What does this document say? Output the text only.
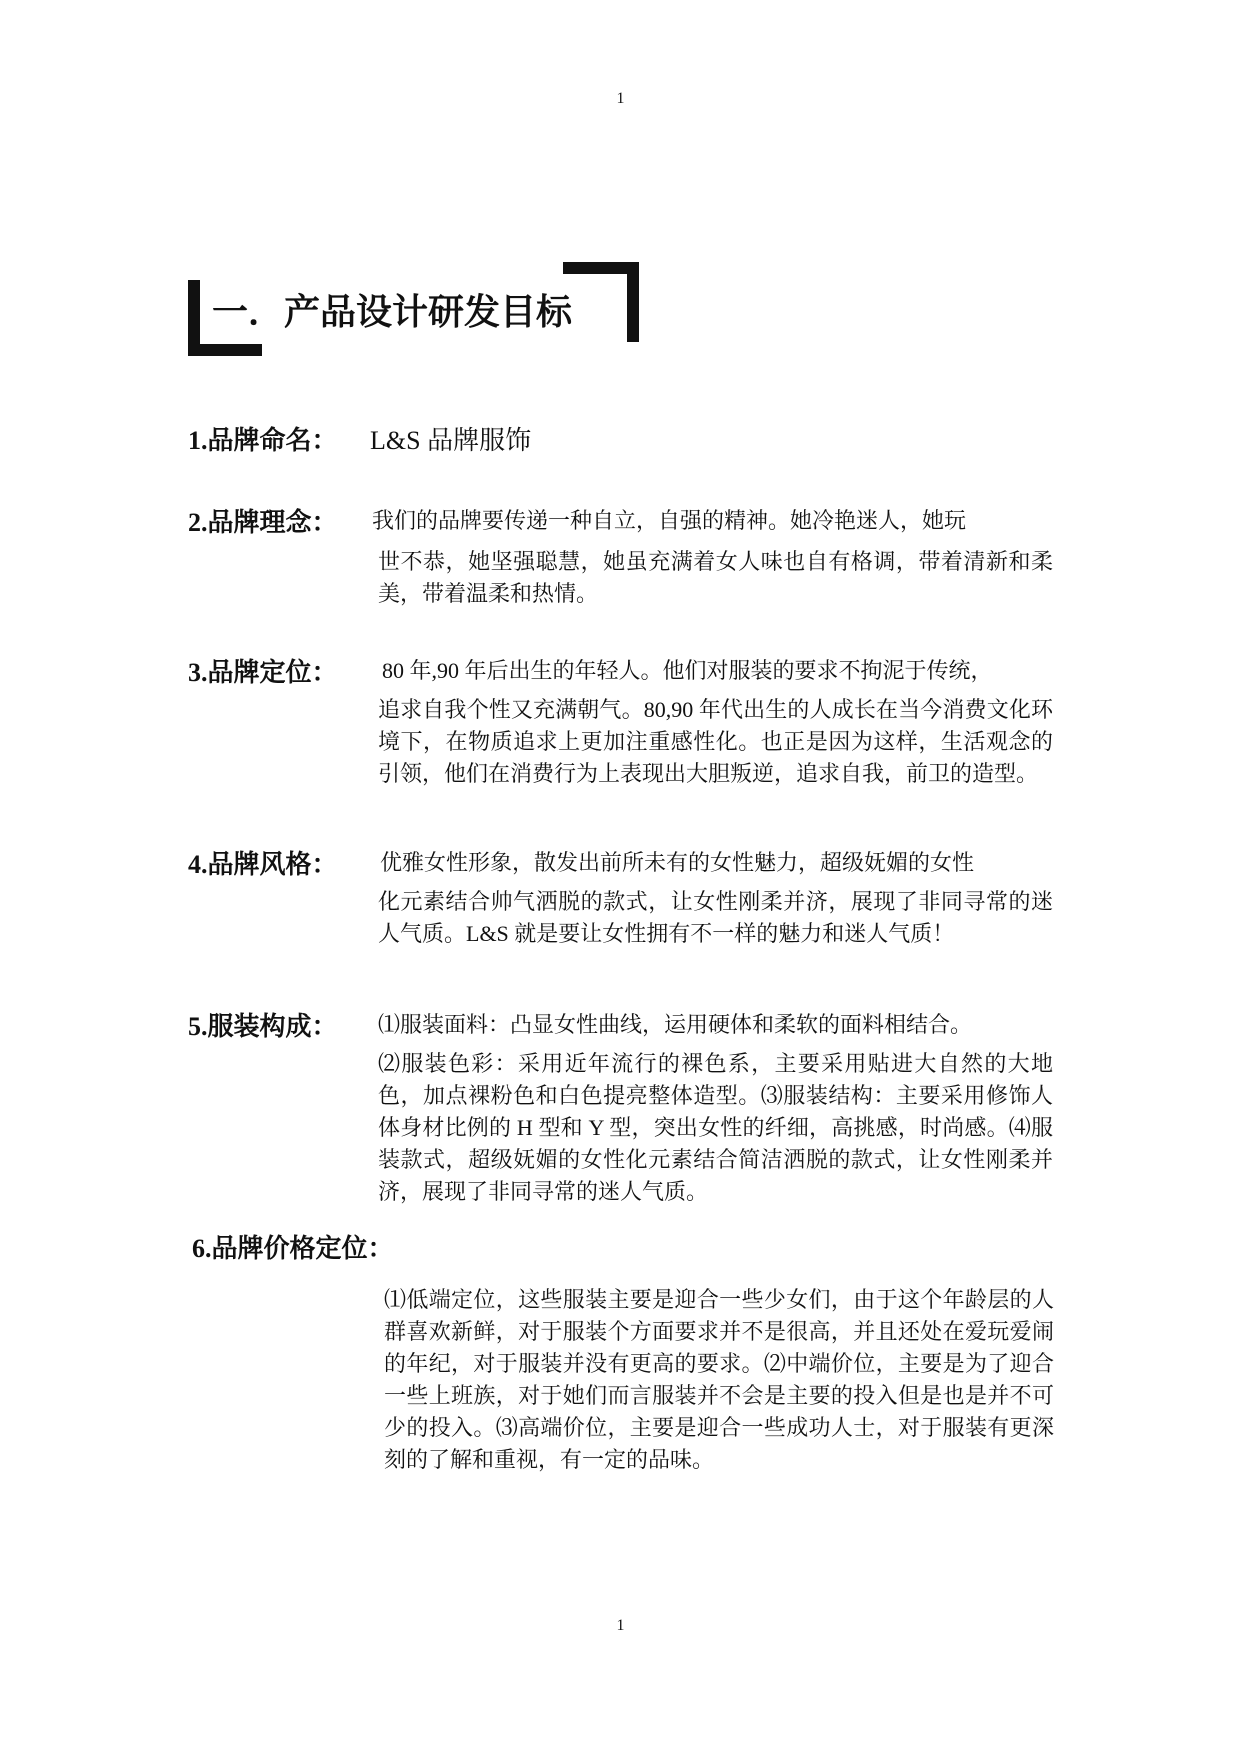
1
一．产品设计研发目标
1.品牌命名： L&S 品牌服饰
2.品牌理念： 我们的品牌要传递一种自立，自强的精神。她冷艳迷人，她玩
世不恭，她坚强聪慧，她虽充满着女人味也自有格调，带着清新和柔美，带着温柔和热情。
3.品牌定位： 80 年,90 年后出生的年轻人。他们对服装的要求不拘泥于传统，
追求自我个性又充满朝气。80,90 年代出生的人成长在当今消费文化环境下，在物质追求上更加注重感性化。也正是因为这样，生活观念的引领，他们在消费行为上表现出大胆叛逆，追求自我，前卫的造型。
4.品牌风格： 优雅女性形象，散发出前所未有的女性魅力，超级妩媚的女性
化元素结合帅气洒脱的款式，让女性刚柔并济，展现了非同寻常的迷人气质。L&S 就是要让女性拥有不一样的魅力和迷人气质！
5.服装构成： ⑴服装面料：凸显女性曲线，运用硬体和柔软的面料相结合。
⑵服装色彩：采用近年流行的裸色系，主要采用贴进大自然的大地色，加点裸粉色和白色提亮整体造型。⑶服装结构：主要采用修饰人体身材比例的 H 型和 Y 型，突出女性的纤细，高挑感，时尚感。⑷服装款式，超级妩媚的女性化元素结合简洁洒脱的款式，让女性刚柔并济，展现了非同寻常的迷人气质。
6.品牌价格定位：
⑴低端定位，这些服装主要是迎合一些少女们，由于这个年龄层的人群喜欢新鲜，对于服装个方面要求并不是很高，并且还处在爱玩爱闹的年纪，对于服装并没有更高的要求。⑵中端价位，主要是为了迎合一些上班族，对于她们而言服装并不会是主要的投入但是也是并不可少的投入。⑶高端价位，主要是迎合一些成功人士，对于服装有更深刻的了解和重视，有一定的品味。
1
